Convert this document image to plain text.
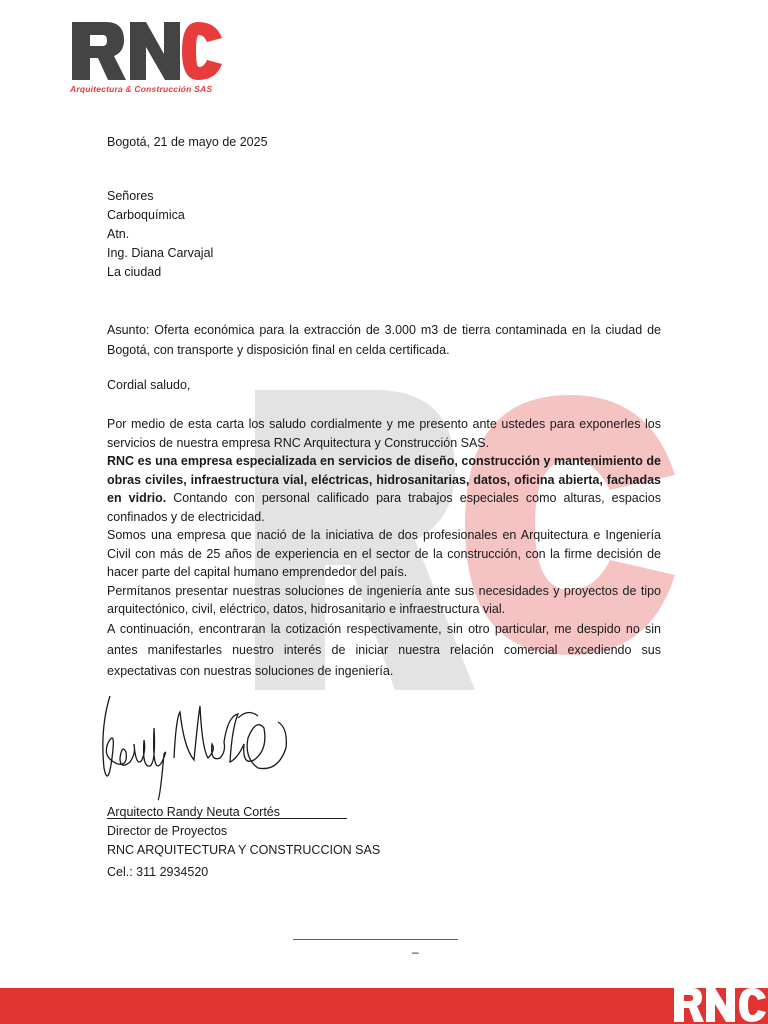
Arquitectura & Construcción SAS
Bogotá, 21 de mayo de 2025
Señores
Carboquímica
Atn.
Ing. Diana Carvajal
La ciudad
Asunto: Oferta económica para la extracción de 3.000 m3 de tierra contaminada en la ciudad de Bogotá, con transporte y disposición final en celda certificada.
Cordial saludo,
Por medio de esta carta los saludo cordialmente y me presento ante ustedes para exponerles los servicios de nuestra empresa RNC Arquitectura y Construcción SAS.
RNC es una empresa especializada en servicios de diseño, construcción y mantenimiento de obras civiles, infraestructura vial, eléctricas, hidrosanitarias, datos, oficina abierta, fachadas en vidrio. Contando con personal calificado para trabajos especiales como alturas, espacios confinados y de electricidad.
Somos una empresa que nació de la iniciativa de dos profesionales en Arquitectura e Ingeniería Civil con más de 25 años de experiencia en el sector de la construcción, con la firme decisión de hacer parte del capital humano emprendedor del país.
Permítanos presentar nuestras soluciones de ingeniería ante sus necesidades y proyectos de tipo arquitectónico, civil, eléctrico, datos, hidrosanitario e infraestructura vial.
A continuación, encontraran la cotización respectivamente, sin otro particular, me despido no sin antes manifestarles nuestro interés de iniciar nuestra relación comercial excediendo sus expectativas con nuestras soluciones de ingeniería.
Arquitecto Randy Neuta Cortés
Director de Proyectos
RNC ARQUITECTURA Y CONSTRUCCION SAS
Cel.: 311 2934520
–
